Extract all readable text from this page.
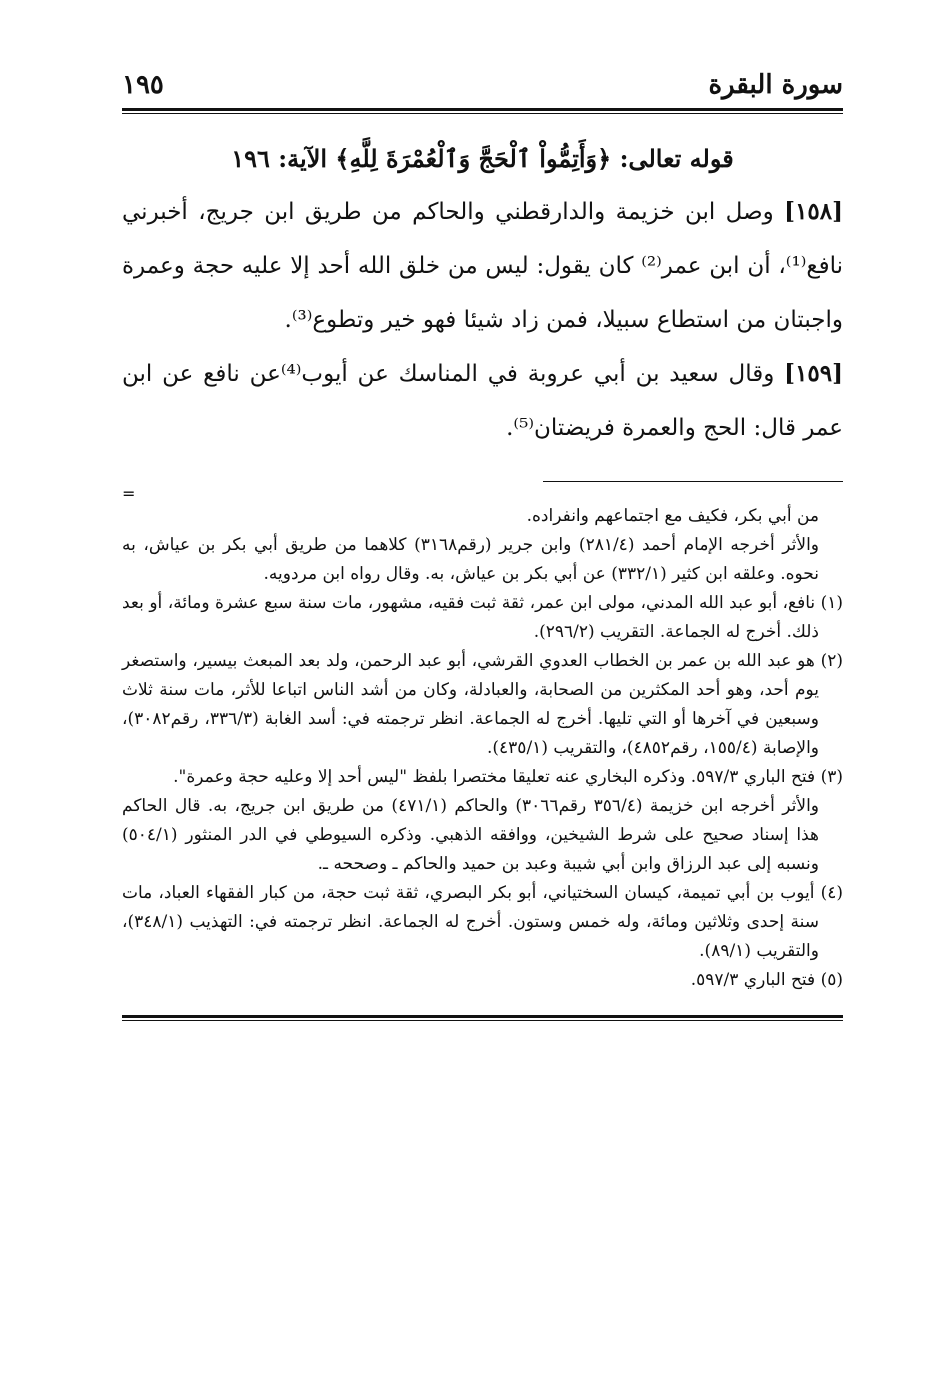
سورة البقرة
١٩٥
قوله تعالى: ﴿وَأَتِمُّواْ ٱلْحَجَّ وَٱلْعُمْرَةَ لِلَّهِ﴾ الآية: ١٩٦

[١٥٨] وصل ابن خزيمة والدارقطني والحاكم من طريق ابن جريج، أخبرني نافع⁽¹⁾، أن ابن عمر⁽²⁾ كان يقول: ليس من خلق الله أحد إلا عليه حجة وعمرة واجبتان من استطاع سبيلا، فمن زاد شيئا فهو خير وتطوع⁽³⁾.

[١٥٩] وقال سعيد بن أبي عروبة في المناسك عن أيوب⁽⁴⁾عن نافع عن ابن عمر قال: الحج والعمرة فريضتان⁽⁵⁾.

=

من أبي بكر، فكيف مع اجتماعهم وانفراده.

والأثر أخرجه الإمام أحمد (٢٨١/٤) وابن جرير (رقم٣١٦٨) كلاهما من طريق أبي بكر بن عياش، به نحوه. وعلقه ابن كثير (٣٣٢/١) عن أبي بكر بن عياش، به. وقال رواه ابن مردويه.

(١) نافع، أبو عبد الله المدني، مولى ابن عمر، ثقة ثبت فقيه، مشهور، مات سنة سبع عشرة ومائة، أو بعد ذلك. أخرج له الجماعة. التقريب (٢٩٦/٢).

(٢) هو عبد الله بن عمر بن الخطاب العدوي القرشي، أبو عبد الرحمن، ولد بعد المبعث بيسير، واستصغر يوم أحد، وهو أحد المكثرين من الصحابة، والعبادلة، وكان من أشد الناس اتباعا للأثر، مات سنة ثلاث وسبعين في آخرها أو التي تليها. أخرج له الجماعة. انظر ترجمته في: أسد الغابة (٣٣٦/٣، رقم٣٠٨٢)، والإصابة (١٥٥/٤، رقم٤٨٥٢)، والتقريب (٤٣٥/١).

(٣) فتح الباري ٥٩٧/٣. وذكره البخاري عنه تعليقا مختصرا بلفظ "ليس أحد إلا وعليه حجة وعمرة".

والأثر أخرجه ابن خزيمة (٣٥٦/٤ رقم٣٠٦٦) والحاكم (٤٧١/١) من طريق ابن جريج، به. قال الحاكم هذا إسناد صحيح على شرط الشيخين، ووافقه الذهبي. وذكره السيوطي في الدر المنثور (٥٠٤/١) ونسبه إلى عبد الرزاق وابن أبي شيبة وعبد بن حميد والحاكم ـ وصححه ـ.

(٤) أيوب بن أبي تميمة، كيسان السختياني، أبو بكر البصري، ثقة ثبت حجة، من كبار الفقهاء العباد، مات سنة إحدى وثلاثين ومائة، وله خمس وستون. أخرج له الجماعة. انظر ترجمته في: التهذيب (٣٤٨/١)، والتقريب (٨٩/١).

(٥) فتح الباري ٥٩٧/٣.
